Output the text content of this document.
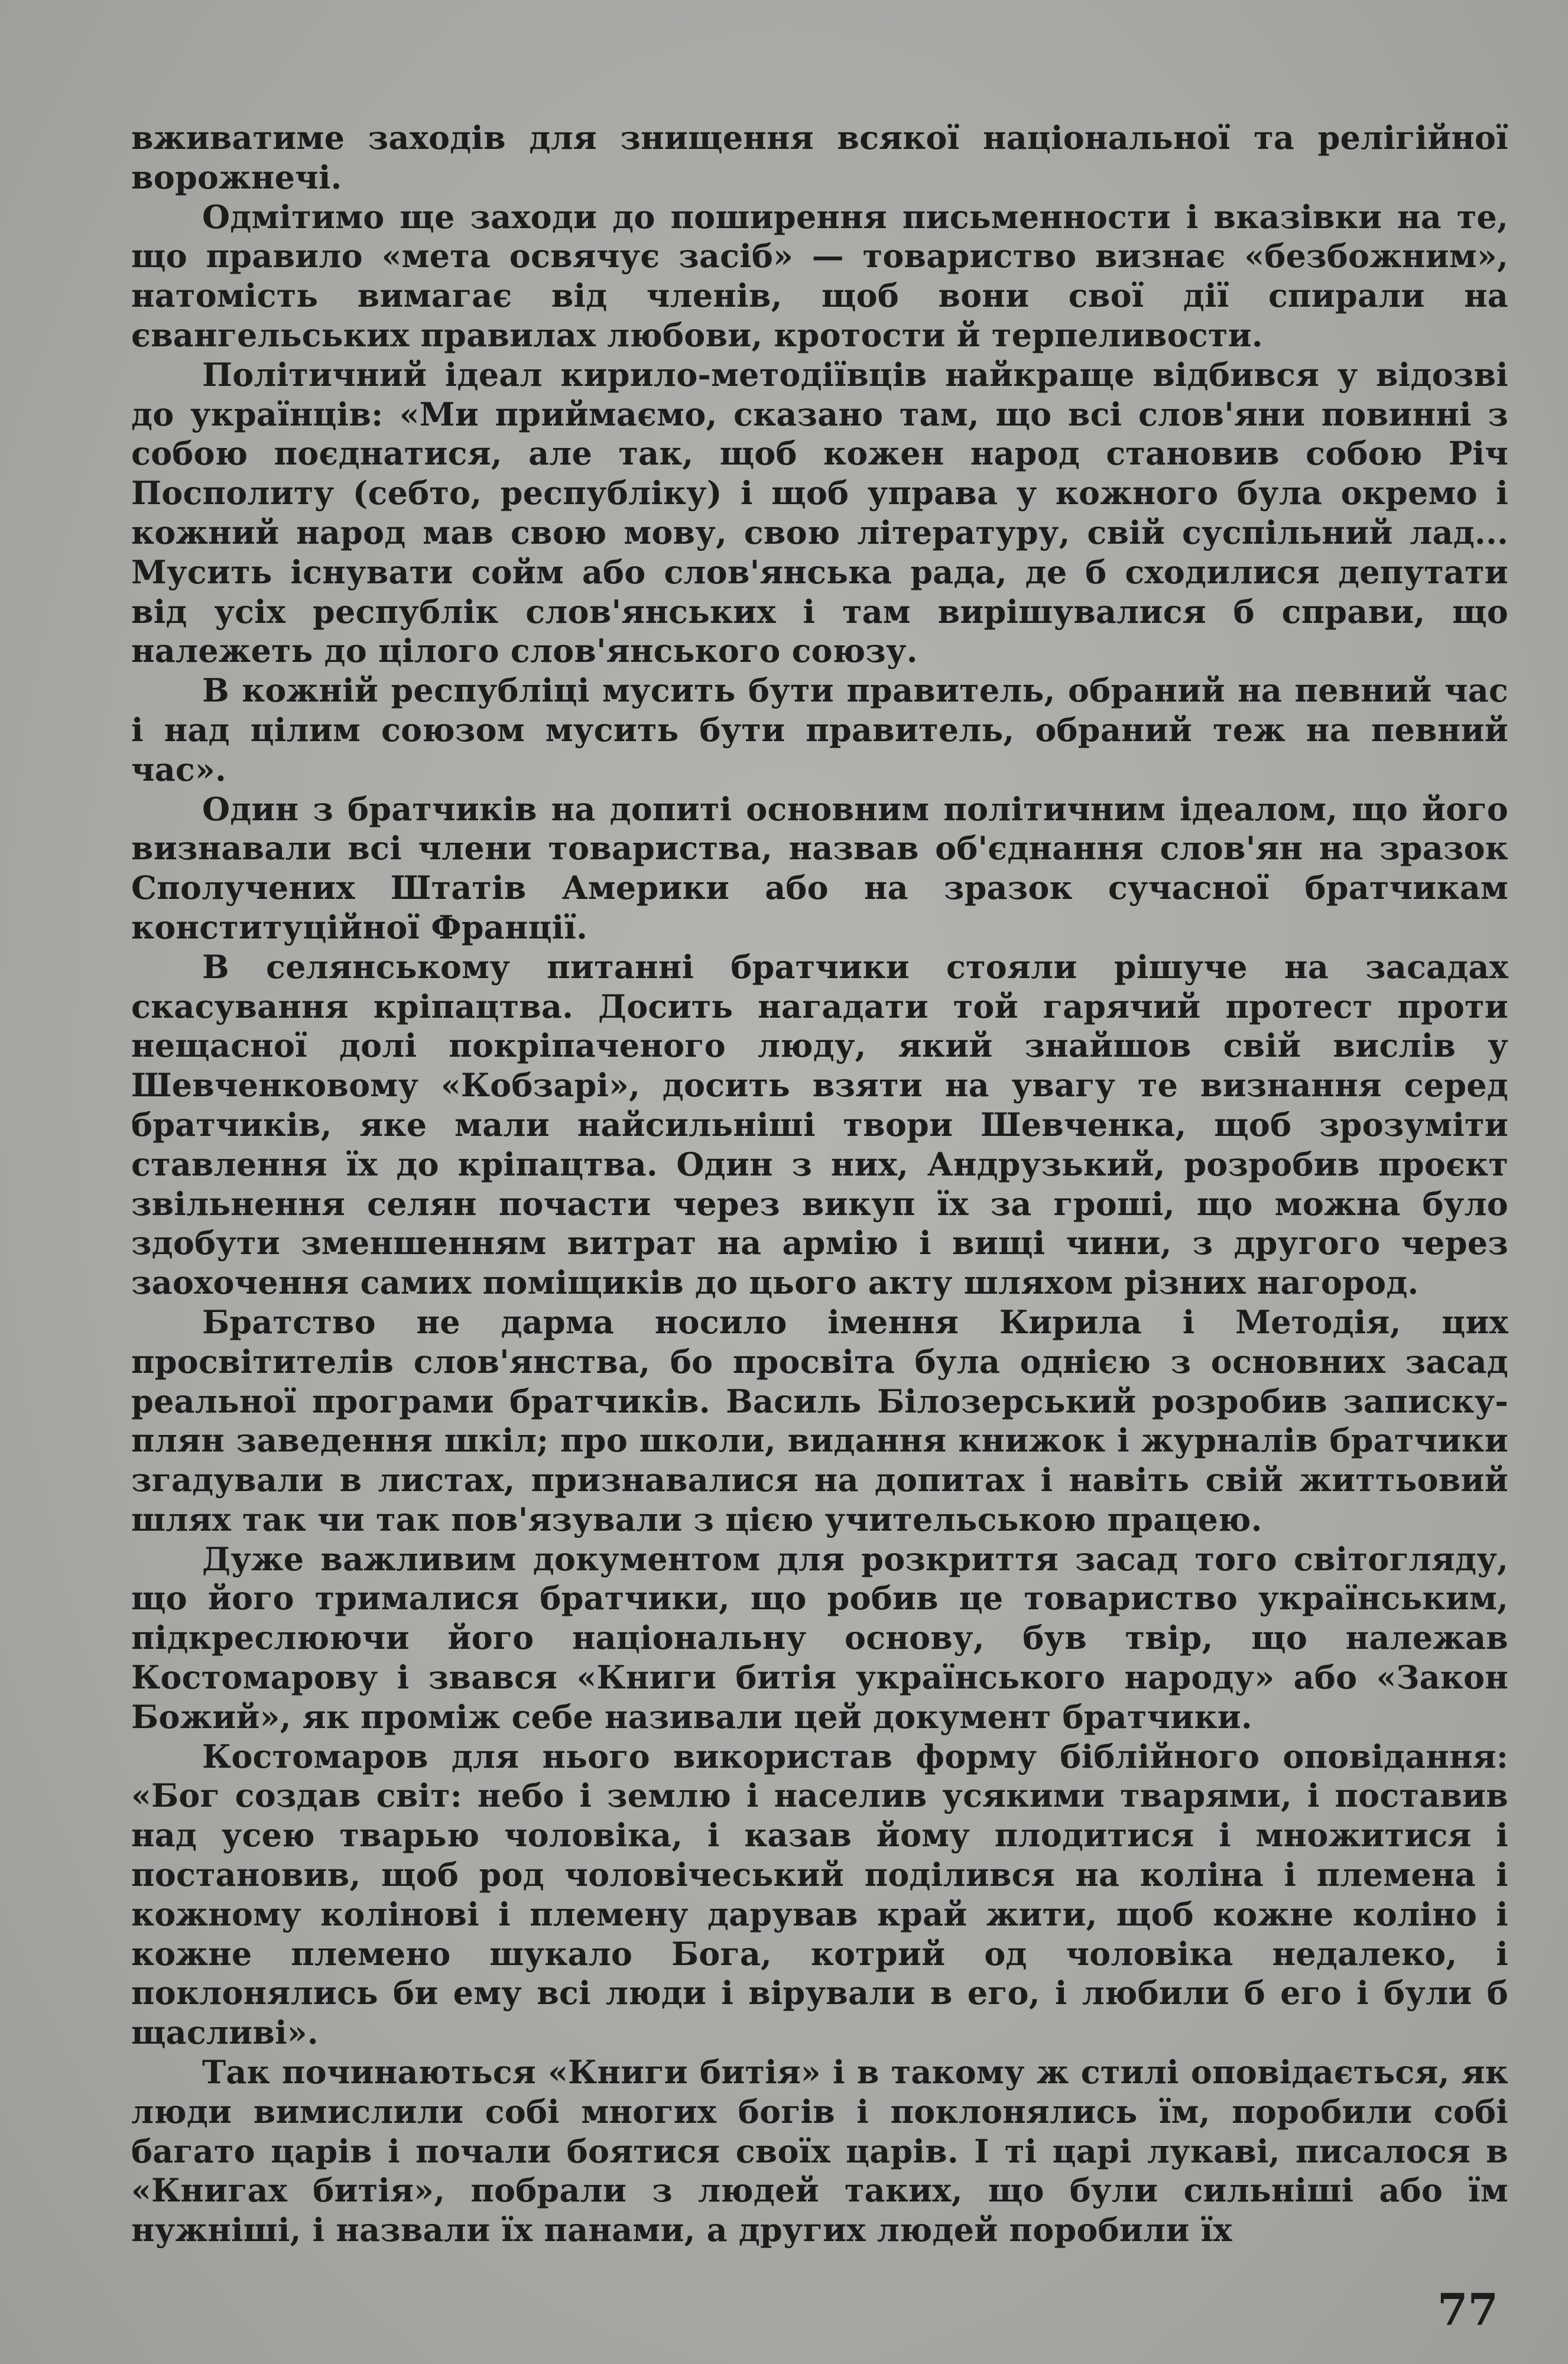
вживатиме заходів для знищення всякої національної та релігійної ворожнечі.

Одмітимо ще заходи до поширення письменности і вказівки на те, що правило «мета освячує засіб» — товариство визнає «безбожним», натомість вимагає від членів, щоб вони свої дії спирали на євангельських правилах любови, кротости й терпеливости.

Політичний ідеал кирило-методіївців найкраще відбився у відозві до українців: «Ми приймаємо, сказано там, що всі слов'яни повинні з собою поєднатися, але так, щоб кожен народ становив собою Річ Посполиту (себто, республіку) і щоб управа у кожного була окремо і кожний народ мав свою мову, свою літературу, свій суспільний лад... Мусить існувати сойм або слов'янська рада, де б сходилися депутати від усіх республік слов'янських і там вирішувалися б справи, що належеть до цілого слов'янського союзу.

В кожній республіці мусить бути правитель, обраний на певний час і над цілим союзом мусить бути правитель, обраний теж на певний час».

Один з братчиків на допиті основним політичним ідеалом, що його визнавали всі члени товариства, назвав об'єднання слов'ян на зразок Сполучених Штатів Америки або на зразок сучасної братчикам конституційної Франції.

В селянському питанні братчики стояли рішуче на засадах скасування кріпацтва. Досить нагадати той гарячий протест проти нещасної долі покріпаченого люду, який знайшов свій вислів у Шевченковому «Кобзарі», досить взяти на увагу те визнання серед братчиків, яке мали найсильніші твори Шевченка, щоб зрозуміти ставлення їх до кріпацтва. Один з них, Андрузький, розробив проєкт звільнення селян почасти через викуп їх за гроші, що можна було здобути зменшенням витрат на армію і вищі чини, з другого через заохочення самих поміщиків до цього акту шляхом різних нагород.

Братство не дарма носило імення Кирила і Методія, цих просвітителів слов'янства, бо просвіта була однією з основних засад реальної програми братчиків. Василь Білозерський розробив записку-плян заведення шкіл; про школи, видання книжок і журналів братчики згадували в листах, признавалися на допитах і навіть свій життьовий шлях так чи так пов'язували з цією учительською працею.

Дуже важливим документом для розкриття засад того світогляду, що його трималися братчики, що робив це товариство українським, підкреслюючи його національну основу, був твір, що належав Костомарову і звався «Книги битія українського народу» або «Закон Божий», як проміж себе називали цей документ братчики.

Костомаров для нього використав форму біблійного оповідання: «Бог создав світ: небо і землю і населив усякими тварями, і поставив над усею тварью чоловіка, і казав йому плодитися і множитися і постановив, щоб род чоловічеський поділився на коліна і племена і кожному колінові і племену дарував край жити, щоб кожне коліно і кожне племено шукало Бога, котрий од чоловіка недалеко, і поклонялись би ему всі люди і вірували в его, і любили б его і були б щасливі».

Так починаються «Книги битія» і в такому ж стилі оповідається, як люди вимислили собі многих богів і поклонялись їм, поробили собі багато царів і почали боятися своїх царів. І ті царі лукаві, писалося в «Книгах битія», побрали з людей таких, що були сильніші або їм нужніші, і назвали їх панами, а других людей поробили їх

77
